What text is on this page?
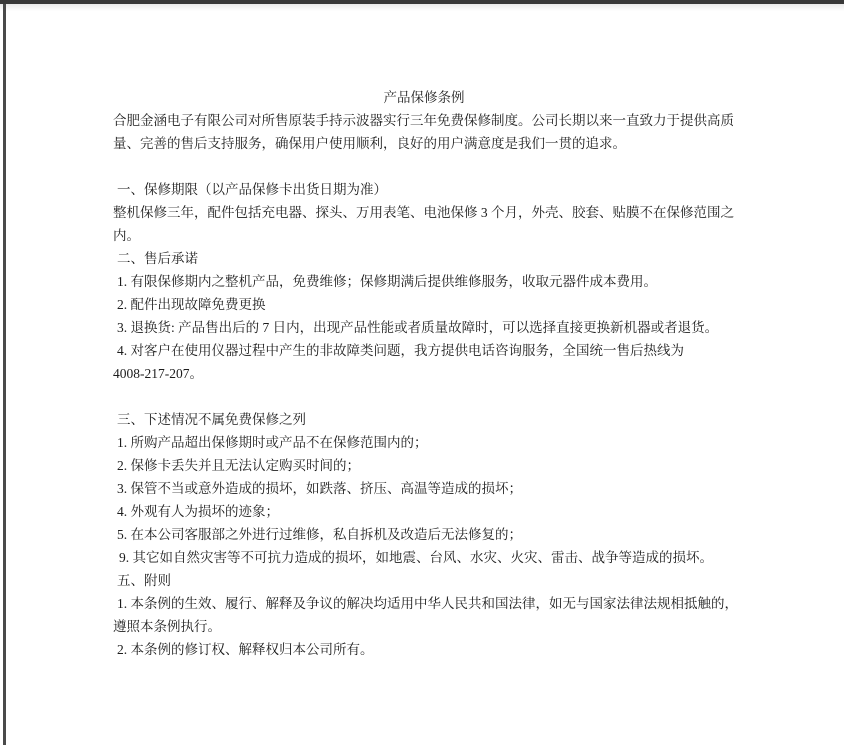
产品保修条例
合肥金涵电子有限公司对所售原装手持示波器实行三年免费保修制度。公司长期以来一直致力于提供高质
量、完善的售后支持服务，确保用户使用顺利，良好的用户满意度是我们一贯的追求。

一、保修期限（以产品保修卡出货日期为准）
整机保修三年，配件包括充电器、探头、万用表笔、电池保修 3 个月，外壳、胶套、贴膜不在保修范围之
内。
二、售后承诺
1. 有限保修期内之整机产品，免费维修；保修期满后提供维修服务，收取元器件成本费用。
2. 配件出现故障免费更换
3. 退换货: 产品售出后的 7 日内，出现产品性能或者质量故障时，可以选择直接更换新机器或者退货。
4. 对客户在使用仪器过程中产生的非故障类问题，我方提供电话咨询服务，全国统一售后热线为
4008-217-207。

三、下述情况不属免费保修之列
1. 所购产品超出保修期时或产品不在保修范围内的；
2. 保修卡丢失并且无法认定购买时间的；
3. 保管不当或意外造成的损坏，如跌落、挤压、高温等造成的损坏；
4. 外观有人为损坏的迹象；
5. 在本公司客服部之外进行过维修，私自拆机及改造后无法修复的；
9. 其它如自然灾害等不可抗力造成的损坏，如地震、台风、水灾、火灾、雷击、战争等造成的损坏。
五、附则
1. 本条例的生效、履行、解释及争议的解决均适用中华人民共和国法律，如无与国家法律法规相抵触的，
遵照本条例执行。
2. 本条例的修订权、解释权归本公司所有。
